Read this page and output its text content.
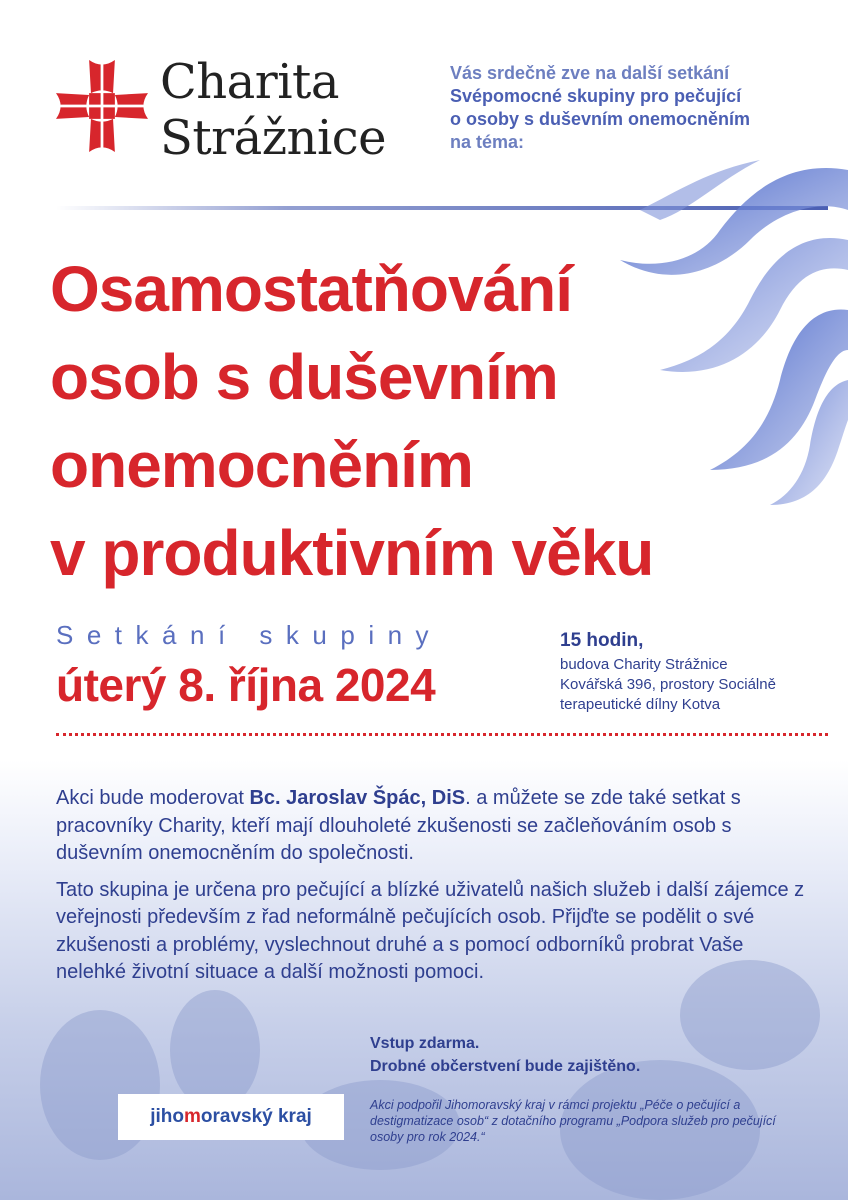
Charita
Strážnice
Vás srdečně zve na další setkání
Svépomocné skupiny pro pečující
o osoby s duševním onemocněním
na téma:
Osamostatňování
osob s duševním
onemocněním
v produktivním věku
Setkání skupiny
úterý 8. října 2024
15 hodin,
budova Charity Strážnice
Kovářská 396, prostory Sociálně
terapeutické dílny Kotva

Akci bude moderovat Bc. Jaroslav Špác, DiS. a můžete se zde také setkat s pracovníky Charity, kteří mají dlouholeté zkušenosti se začleňováním osob s duševním onemocněním do společnosti.

Tato skupina je určena pro pečující a blízké uživatelů našich služeb i další zájemce z veřejnosti především z řad neformálně pečujících osob. Přijďte se podělit o své zkušenosti a problémy, vyslechnout druhé a s pomocí odborníků probrat Vaše nelehké životní situace a další možnosti pomoci.

Vstup zdarma.
Drobné občerstvení bude zajištěno.
jihomoravský kraj
Akci podpořil Jihomoravský kraj v rámci projektu „Péče o pečující a destigmatizace osob“ z dotačního programu „Podpora služeb pro pečující osoby pro rok 2024.“
